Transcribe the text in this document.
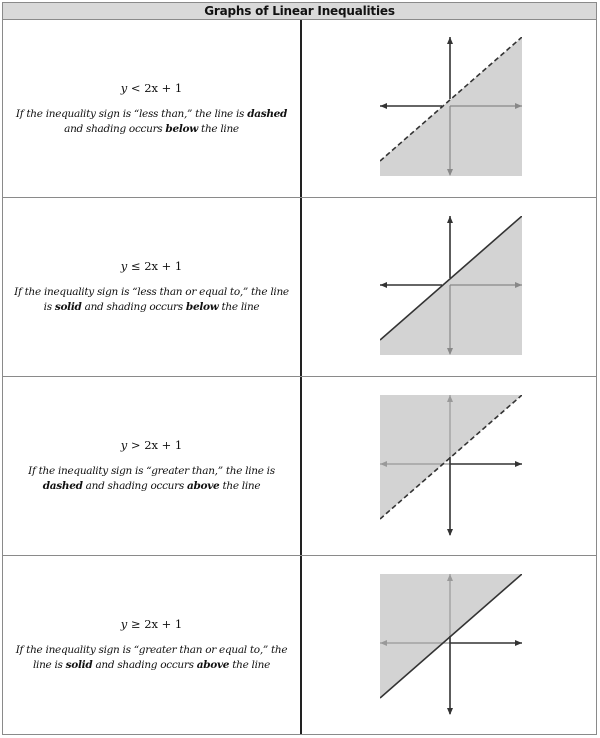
Graphs of Linear Inequalities
y < 2x + 1
If the inequality sign is “less than,” the line is dashed and shading occurs below the line
y ≤ 2x + 1
If the inequality sign is “less than or equal to,” the line is solid and shading occurs below the line
y > 2x + 1
If the inequality sign is “greater than,” the line is dashed and shading occurs above the line
y ≥ 2x + 1
If the inequality sign is “greater than or equal to,” the line is solid and shading occurs above the line
